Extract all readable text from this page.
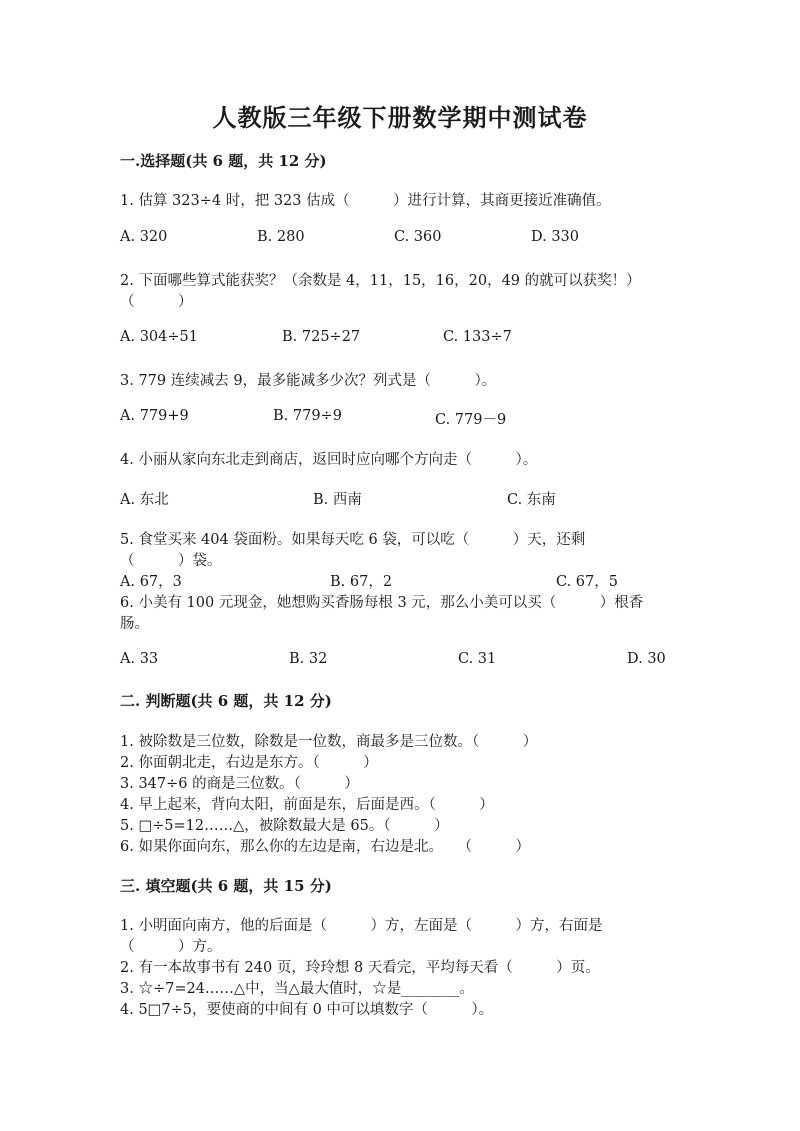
人教版三年级下册数学期中测试卷
一.选择题(共 6 题，共 12 分)
1. 估算 323÷4 时，把 323 估成（　　　）进行计算，其商更接近准确值。
A. 320	B. 280	C. 360	D. 330
2. 下面哪些算式能获奖？（余数是 4，11，15，16，20，49 的就可以获奖！）
（　　　）
A. 304÷51	B. 725÷27	C. 133÷7
3. 779 连续减去 9，最多能减多少次？列式是（　　　）。
A. 779+9	B. 779÷9	C. 779－9
4. 小丽从家向东北走到商店，返回时应向哪个方向走（　　　）。
A. 东北	B. 西南	C. 东南
5. 食堂买来 404 袋面粉。如果每天吃 6 袋，可以吃（　　　）天，还剩
（　　　）袋。
A. 67，3	B. 67，2	C. 67，5
6. 小美有 100 元现金，她想购买香肠每根 3 元，那么小美可以买（　　　）根香
肠。
A. 33	B. 32	C. 31	D. 30
二. 判断题(共 6 题，共 12 分)
1. 被除数是三位数，除数是一位数，商最多是三位数。（　　　）
2. 你面朝北走，右边是东方。（　　　）
3. 347÷6 的商是三位数。（　　　）
4. 早上起来，背向太阳，前面是东，后面是西。（　　　）
5. □÷5=12……△，被除数最大是 65。（　　　）
6. 如果你面向东，那么你的左边是南，右边是北。　　（　　　）
三. 填空题(共 6 题，共 15 分)
1. 小明面向南方，他的后面是（　　　）方，左面是（　　　）方，右面是
（　　　）方。
2. 有一本故事书有 240 页，玲玲想 8 天看完，平均每天看（　　　）页。
3. ☆÷7=24……△中，当△最大值时，☆是________。
4. 5□7÷5，要使商的中间有 0 中可以填数字（　　　）。
